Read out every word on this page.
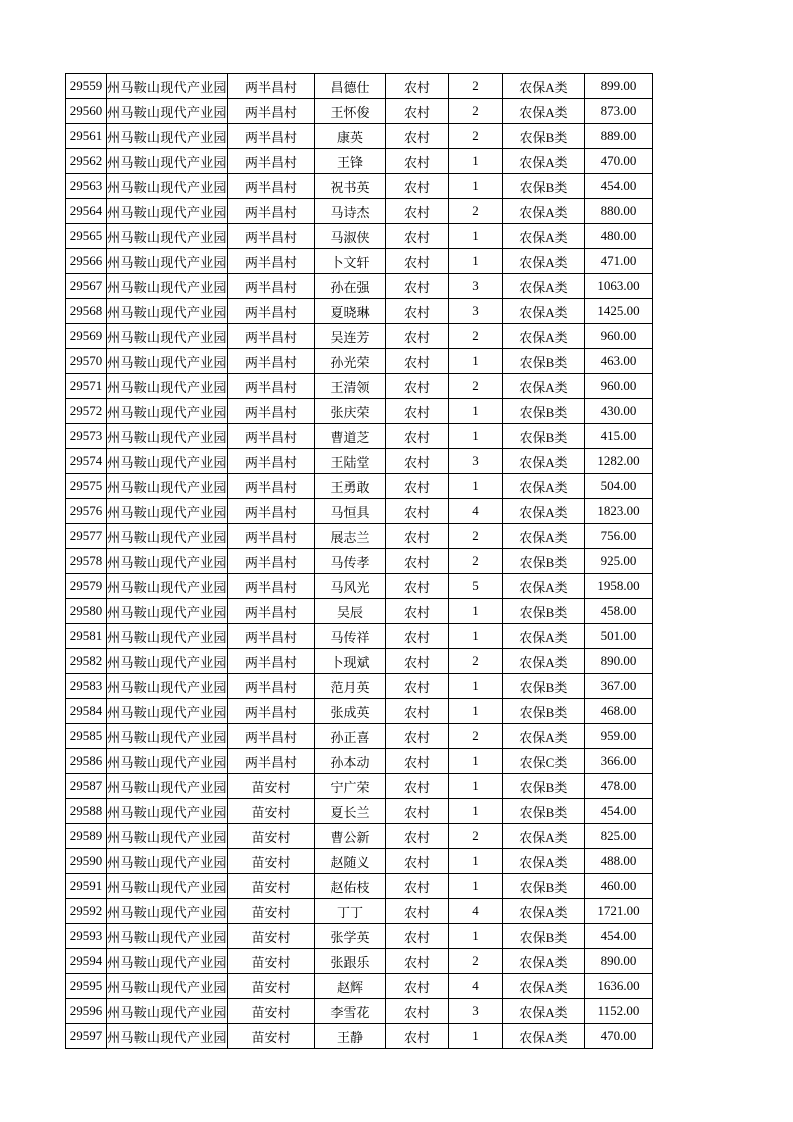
29559	州马鞍山现代产业园	两半昌村	昌德仕	农村	2	农保A类	899.00
29560	州马鞍山现代产业园	两半昌村	王怀俊	农村	2	农保A类	873.00
29561	州马鞍山现代产业园	两半昌村	康英	农村	2	农保B类	889.00
29562	州马鞍山现代产业园	两半昌村	王锋	农村	1	农保A类	470.00
29563	州马鞍山现代产业园	两半昌村	祝书英	农村	1	农保B类	454.00
29564	州马鞍山现代产业园	两半昌村	马诗杰	农村	2	农保A类	880.00
29565	州马鞍山现代产业园	两半昌村	马淑侠	农村	1	农保A类	480.00
29566	州马鞍山现代产业园	两半昌村	卜文轩	农村	1	农保A类	471.00
29567	州马鞍山现代产业园	两半昌村	孙在强	农村	3	农保A类	1063.00
29568	州马鞍山现代产业园	两半昌村	夏晓琳	农村	3	农保A类	1425.00
29569	州马鞍山现代产业园	两半昌村	吴连芳	农村	2	农保A类	960.00
29570	州马鞍山现代产业园	两半昌村	孙光荣	农村	1	农保B类	463.00
29571	州马鞍山现代产业园	两半昌村	王清领	农村	2	农保A类	960.00
29572	州马鞍山现代产业园	两半昌村	张庆荣	农村	1	农保B类	430.00
29573	州马鞍山现代产业园	两半昌村	曹道芝	农村	1	农保B类	415.00
29574	州马鞍山现代产业园	两半昌村	王陆堂	农村	3	农保A类	1282.00
29575	州马鞍山现代产业园	两半昌村	王勇敢	农村	1	农保A类	504.00
29576	州马鞍山现代产业园	两半昌村	马恒具	农村	4	农保A类	1823.00
29577	州马鞍山现代产业园	两半昌村	展志兰	农村	2	农保A类	756.00
29578	州马鞍山现代产业园	两半昌村	马传孝	农村	2	农保B类	925.00
29579	州马鞍山现代产业园	两半昌村	马风光	农村	5	农保A类	1958.00
29580	州马鞍山现代产业园	两半昌村	吴辰	农村	1	农保B类	458.00
29581	州马鞍山现代产业园	两半昌村	马传祥	农村	1	农保A类	501.00
29582	州马鞍山现代产业园	两半昌村	卜现斌	农村	2	农保A类	890.00
29583	州马鞍山现代产业园	两半昌村	范月英	农村	1	农保B类	367.00
29584	州马鞍山现代产业园	两半昌村	张成英	农村	1	农保B类	468.00
29585	州马鞍山现代产业园	两半昌村	孙正喜	农村	2	农保A类	959.00
29586	州马鞍山现代产业园	两半昌村	孙本动	农村	1	农保C类	366.00
29587	州马鞍山现代产业园	苗安村	宁广荣	农村	1	农保B类	478.00
29588	州马鞍山现代产业园	苗安村	夏长兰	农村	1	农保B类	454.00
29589	州马鞍山现代产业园	苗安村	曹公新	农村	2	农保A类	825.00
29590	州马鞍山现代产业园	苗安村	赵随义	农村	1	农保A类	488.00
29591	州马鞍山现代产业园	苗安村	赵佑枝	农村	1	农保B类	460.00
29592	州马鞍山现代产业园	苗安村	丁丁	农村	4	农保A类	1721.00
29593	州马鞍山现代产业园	苗安村	张学英	农村	1	农保B类	454.00
29594	州马鞍山现代产业园	苗安村	张跟乐	农村	2	农保A类	890.00
29595	州马鞍山现代产业园	苗安村	赵辉	农村	4	农保A类	1636.00
29596	州马鞍山现代产业园	苗安村	李雪花	农村	3	农保A类	1152.00
29597	州马鞍山现代产业园	苗安村	王静	农村	1	农保A类	470.00
